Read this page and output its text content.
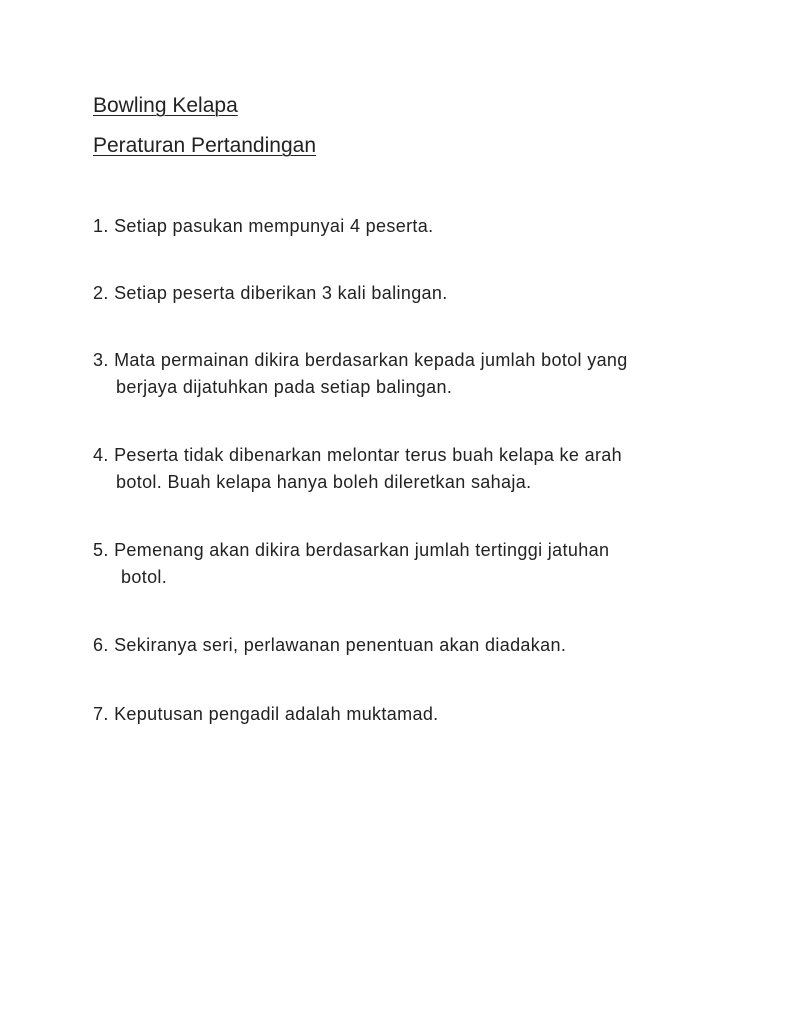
Bowling Kelapa
Peraturan Pertandingan
1. Setiap pasukan mempunyai 4 peserta.
2. Setiap peserta diberikan 3 kali balingan.
3. Mata permainan dikira berdasarkan kepada jumlah botol yang
berjaya dijatuhkan pada setiap balingan.
4. Peserta tidak dibenarkan melontar terus buah kelapa ke arah
botol. Buah kelapa hanya boleh dileretkan sahaja.
5. Pemenang akan dikira berdasarkan jumlah tertinggi jatuhan
botol.
6. Sekiranya seri, perlawanan penentuan akan diadakan.
7. Keputusan pengadil adalah muktamad.
